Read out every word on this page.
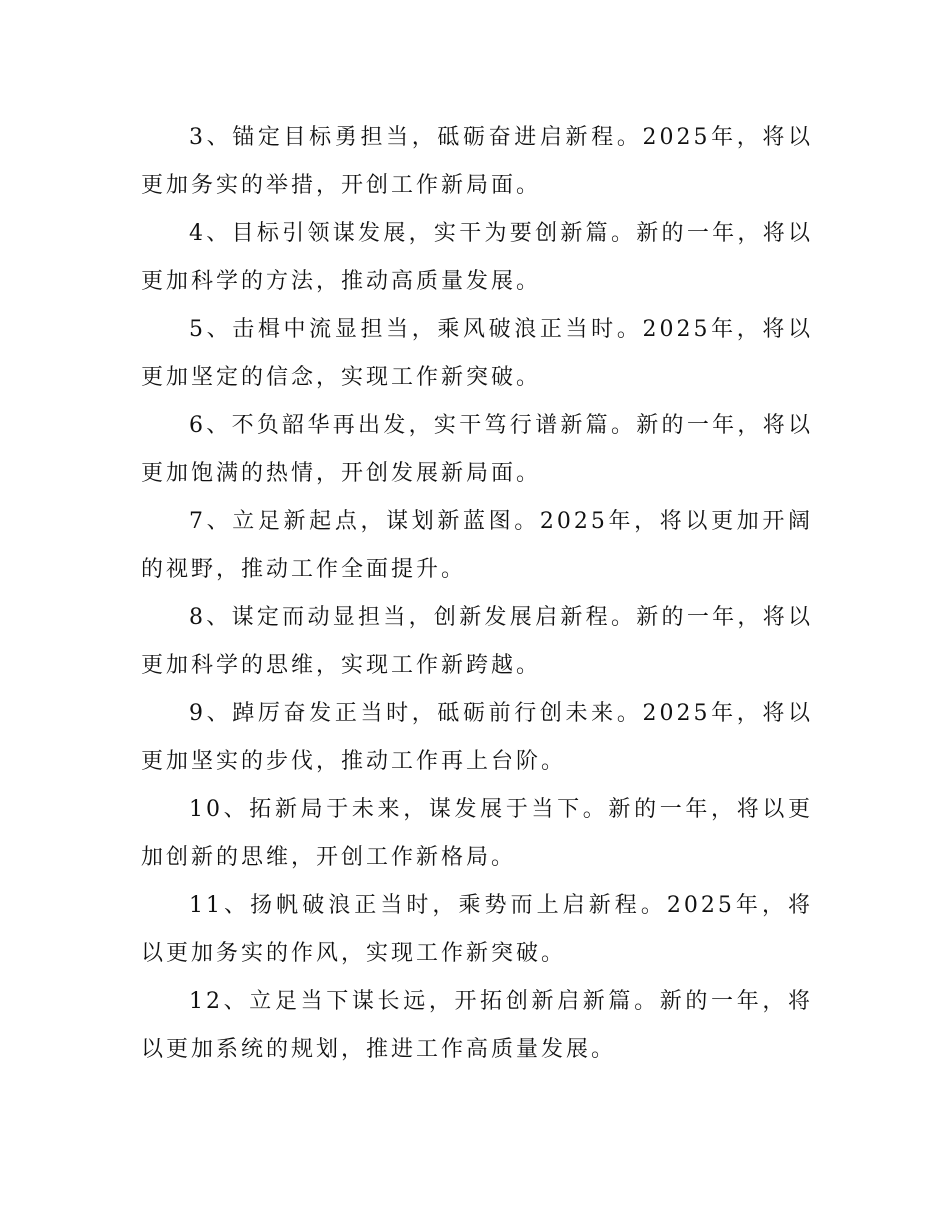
3、锚定目标勇担当，砥砺奋进启新程。2025年，将以更加务实的举措，开创工作新局面。

4、目标引领谋发展，实干为要创新篇。新的一年，将以更加科学的方法，推动高质量发展。

5、击楫中流显担当，乘风破浪正当时。2025年，将以更加坚定的信念，实现工作新突破。

6、不负韶华再出发，实干笃行谱新篇。新的一年，将以更加饱满的热情，开创发展新局面。

7、立足新起点，谋划新蓝图。2025年，将以更加开阔的视野，推动工作全面提升。

8、谋定而动显担当，创新发展启新程。新的一年，将以更加科学的思维，实现工作新跨越。

9、踔厉奋发正当时，砥砺前行创未来。2025年，将以更加坚实的步伐，推动工作再上台阶。

10、拓新局于未来，谋发展于当下。新的一年，将以更加创新的思维，开创工作新格局。

11、扬帆破浪正当时，乘势而上启新程。2025年，将以更加务实的作风，实现工作新突破。

12、立足当下谋长远，开拓创新启新篇。新的一年，将以更加系统的规划，推进工作高质量发展。
